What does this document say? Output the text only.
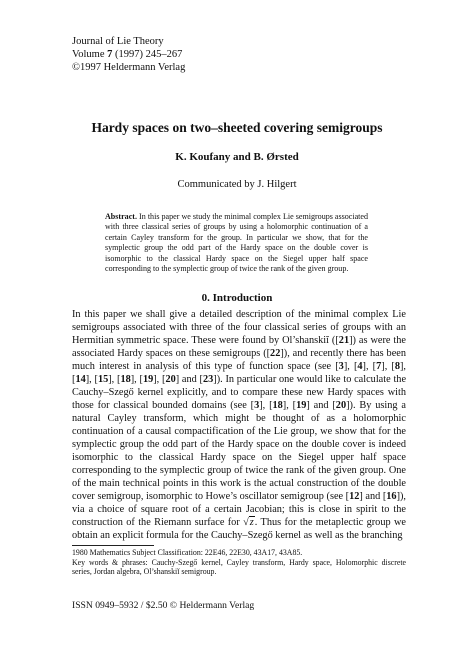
Journal of Lie Theory
Volume 7 (1997) 245–267
©1997 Heldermann Verlag
Hardy spaces on two–sheeted covering semigroups
K. Koufany and B. Ørsted
Communicated by J. Hilgert
Abstract. In this paper we study the minimal complex Lie semigroups associated with three classical series of groups by using a holomorphic continuation of a certain Cayley transform for the group. In particular we show, that for the symplectic group the odd part of the Hardy space on the double cover is isomorphic to the classical Hardy space on the Siegel upper half space corresponding to the symplectic group of twice the rank of the given group.
0. Introduction
In this paper we shall give a detailed description of the minimal complex Lie semigroups associated with three of the four classical series of groups with an Hermitian symmetric space. These were found by Ol’shanskiĭ ([21]) as were the associated Hardy spaces on these semigroups ([22]), and recently there has been much interest in analysis of this type of function space (see [3], [4], [7], [8], [14], [15], [18], [19], [20] and [23]). In particular one would like to calculate the Cauchy–Szegő kernel explicitly, and to compare these new Hardy spaces with those for classical bounded domains (see [3], [18], [19] and [20]). By using a natural Cayley transform, which might be thought of as a holomorphic continuation of a causal compactification of the Lie group, we show that for the symplectic group the odd part of the Hardy space on the double cover is indeed isomorphic to the classical Hardy space on the Siegel upper half space corresponding to the symplectic group of twice the rank of the given group. One of the main technical points in this work is the actual construction of the double cover semigroup, isomorphic to Howe’s oscillator semigroup (see [12] and [16]), via a choice of square root of a certain Jacobian; this is close in spirit to the construction of the Riemann surface for √z. Thus for the metaplectic group we obtain an explicit formula for the Cauchy–Szegő kernel as well as the branching
1980 Mathematics Subject Classification: 22E46, 22E30, 43A17, 43A85.
Key words & phrases: Cauchy-Szegő kernel, Cayley transform, Hardy space, Holomorphic discrete series, Jordan algebra, Ol’shanskiĭ semigroup.
ISSN 0949–5932 / $2.50 © Heldermann Verlag
